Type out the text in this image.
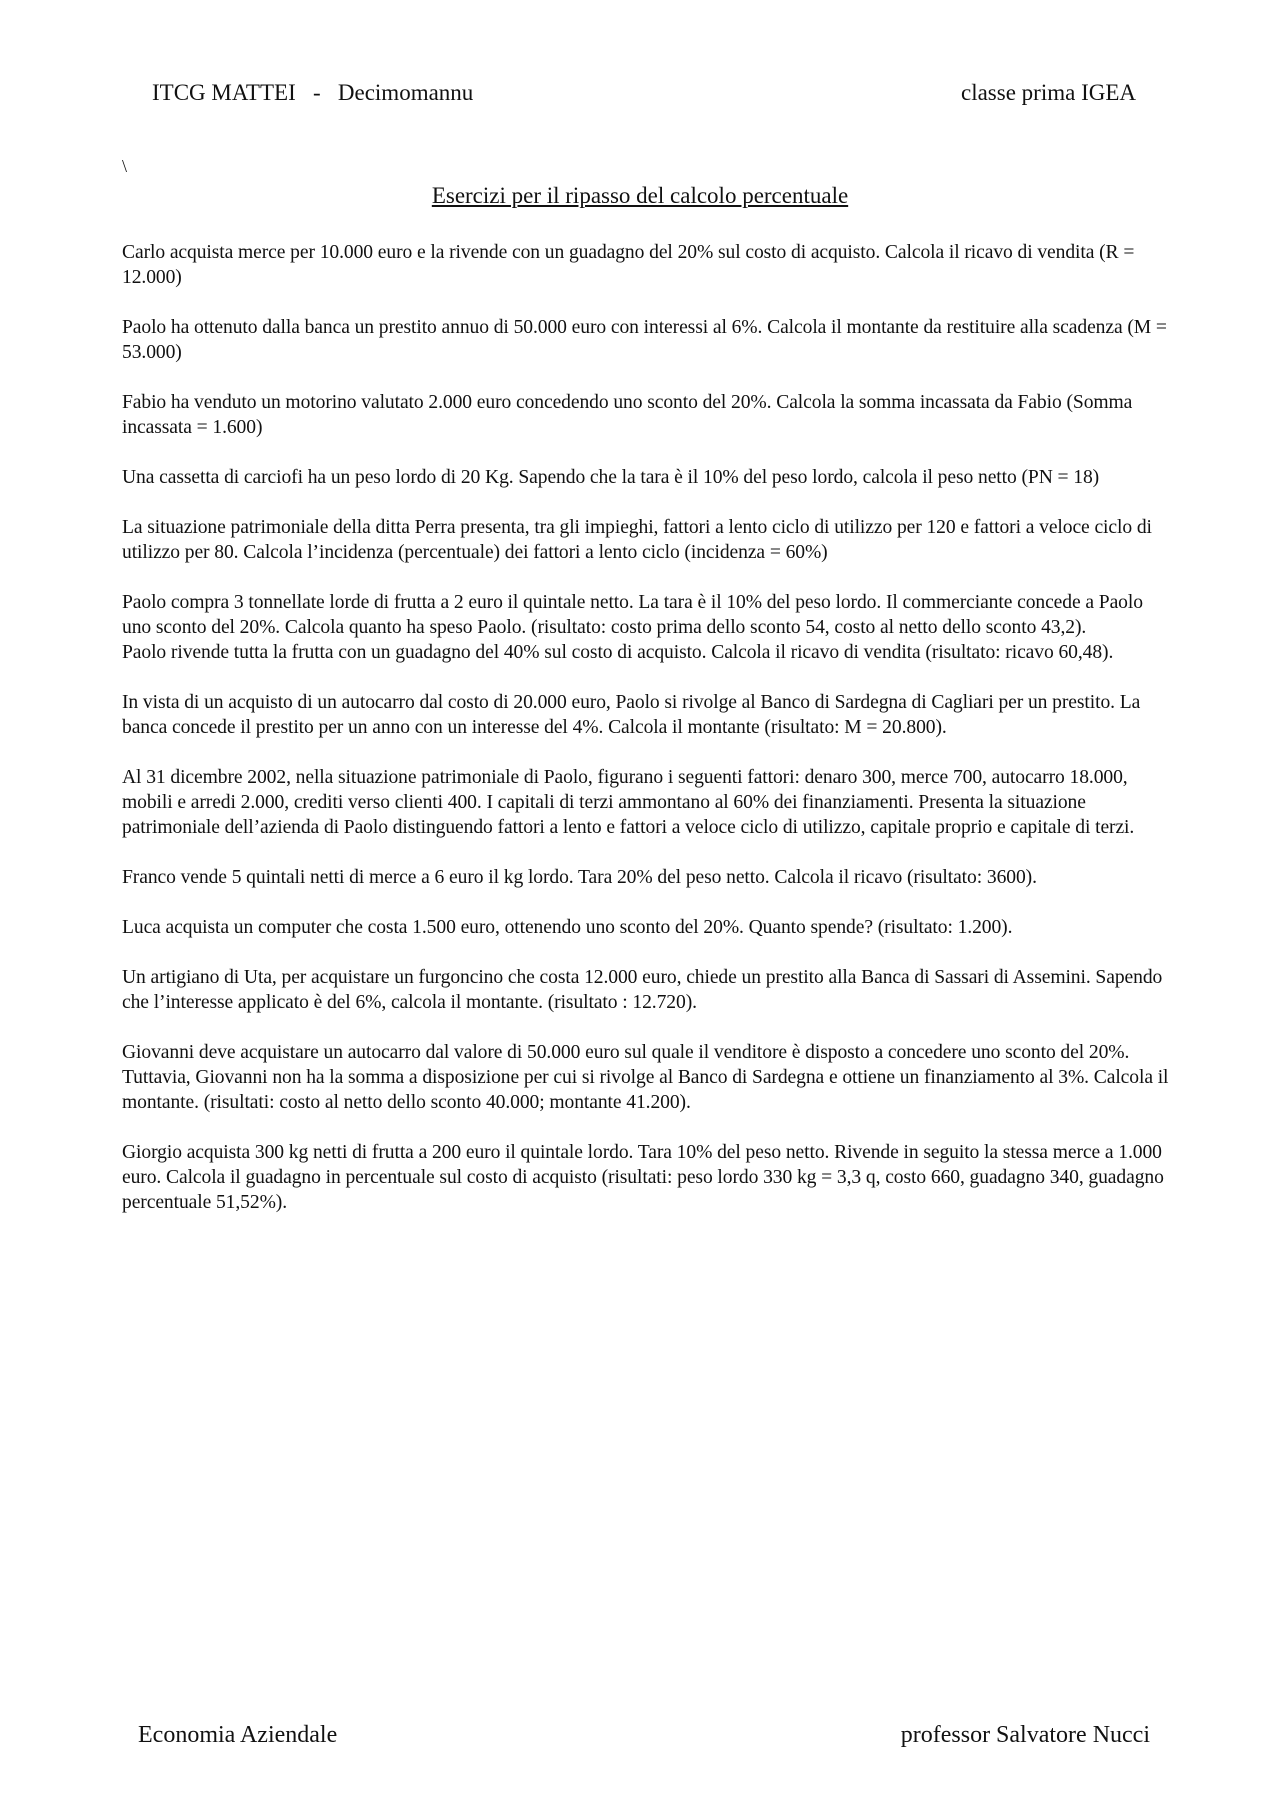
ITCG MATTEI   -   Decimomannu	classe prima IGEA
\
Esercizi per il ripasso del calcolo percentuale

Carlo acquista merce per 10.000 euro e la rivende con un guadagno del 20% sul costo di acquisto. Calcola il ricavo di vendita (R = 12.000)

Paolo ha ottenuto dalla banca un prestito annuo di 50.000 euro con interessi al 6%. Calcola il montante da restituire alla scadenza (M = 53.000)

Fabio ha venduto un motorino valutato 2.000 euro concedendo uno sconto del 20%. Calcola la somma incassata da Fabio (Somma incassata = 1.600)

Una cassetta di carciofi ha un peso lordo di 20 Kg. Sapendo che la tara è il 10% del peso lordo, calcola il peso netto (PN = 18)

La situazione patrimoniale della ditta Perra presenta, tra gli impieghi, fattori a lento ciclo di utilizzo per 120 e fattori a veloce ciclo di utilizzo per 80. Calcola l’incidenza (percentuale) dei fattori a lento ciclo (incidenza = 60%)

Paolo compra 3 tonnellate lorde di frutta a 2 euro il quintale netto. La tara è il 10% del peso lordo. Il commerciante concede a Paolo uno sconto del 20%. Calcola quanto ha speso Paolo. (risultato: costo prima dello sconto 54, costo al netto dello sconto 43,2).

Paolo rivende tutta la frutta con un guadagno del 40% sul costo di acquisto. Calcola il ricavo di vendita (risultato: ricavo 60,48).

In vista di un acquisto di un autocarro dal costo di 20.000 euro, Paolo si rivolge al Banco di Sardegna di Cagliari per un prestito. La banca concede il prestito per un anno con un interesse del 4%. Calcola il montante (risultato: M = 20.800).

Al 31 dicembre 2002, nella situazione patrimoniale di Paolo, figurano i seguenti fattori: denaro 300, merce 700, autocarro 18.000, mobili e arredi 2.000, crediti verso clienti 400. I capitali di terzi ammontano al 60% dei finanziamenti. Presenta la situazione patrimoniale dell’azienda di Paolo distinguendo fattori a lento e fattori a veloce ciclo di utilizzo, capitale proprio e capitale di terzi.

Franco vende 5 quintali netti di merce a 6 euro il kg lordo. Tara 20% del peso netto. Calcola il ricavo (risultato: 3600).

Luca acquista un computer che costa 1.500 euro, ottenendo uno sconto del 20%. Quanto spende? (risultato: 1.200).

Un artigiano di Uta, per acquistare un furgoncino che costa 12.000 euro, chiede un prestito alla Banca di Sassari di Assemini. Sapendo che l’interesse applicato è del 6%, calcola il montante. (risultato : 12.720).

Giovanni deve acquistare un autocarro dal valore di 50.000 euro sul quale il venditore è disposto a concedere uno sconto del 20%. Tuttavia, Giovanni non ha la somma a disposizione per cui si rivolge al Banco di Sardegna e ottiene un finanziamento al 3%. Calcola il montante. (risultati: costo al netto dello sconto 40.000; montante 41.200).

Giorgio acquista 300 kg netti di frutta a 200 euro il quintale lordo. Tara 10% del peso netto. Rivende in seguito la stessa merce a 1.000 euro. Calcola il guadagno in percentuale sul costo di acquisto (risultati: peso lordo 330 kg = 3,3 q, costo 660, guadagno 340, guadagno percentuale 51,52%).

Economia Aziendale	professor Salvatore Nucci
